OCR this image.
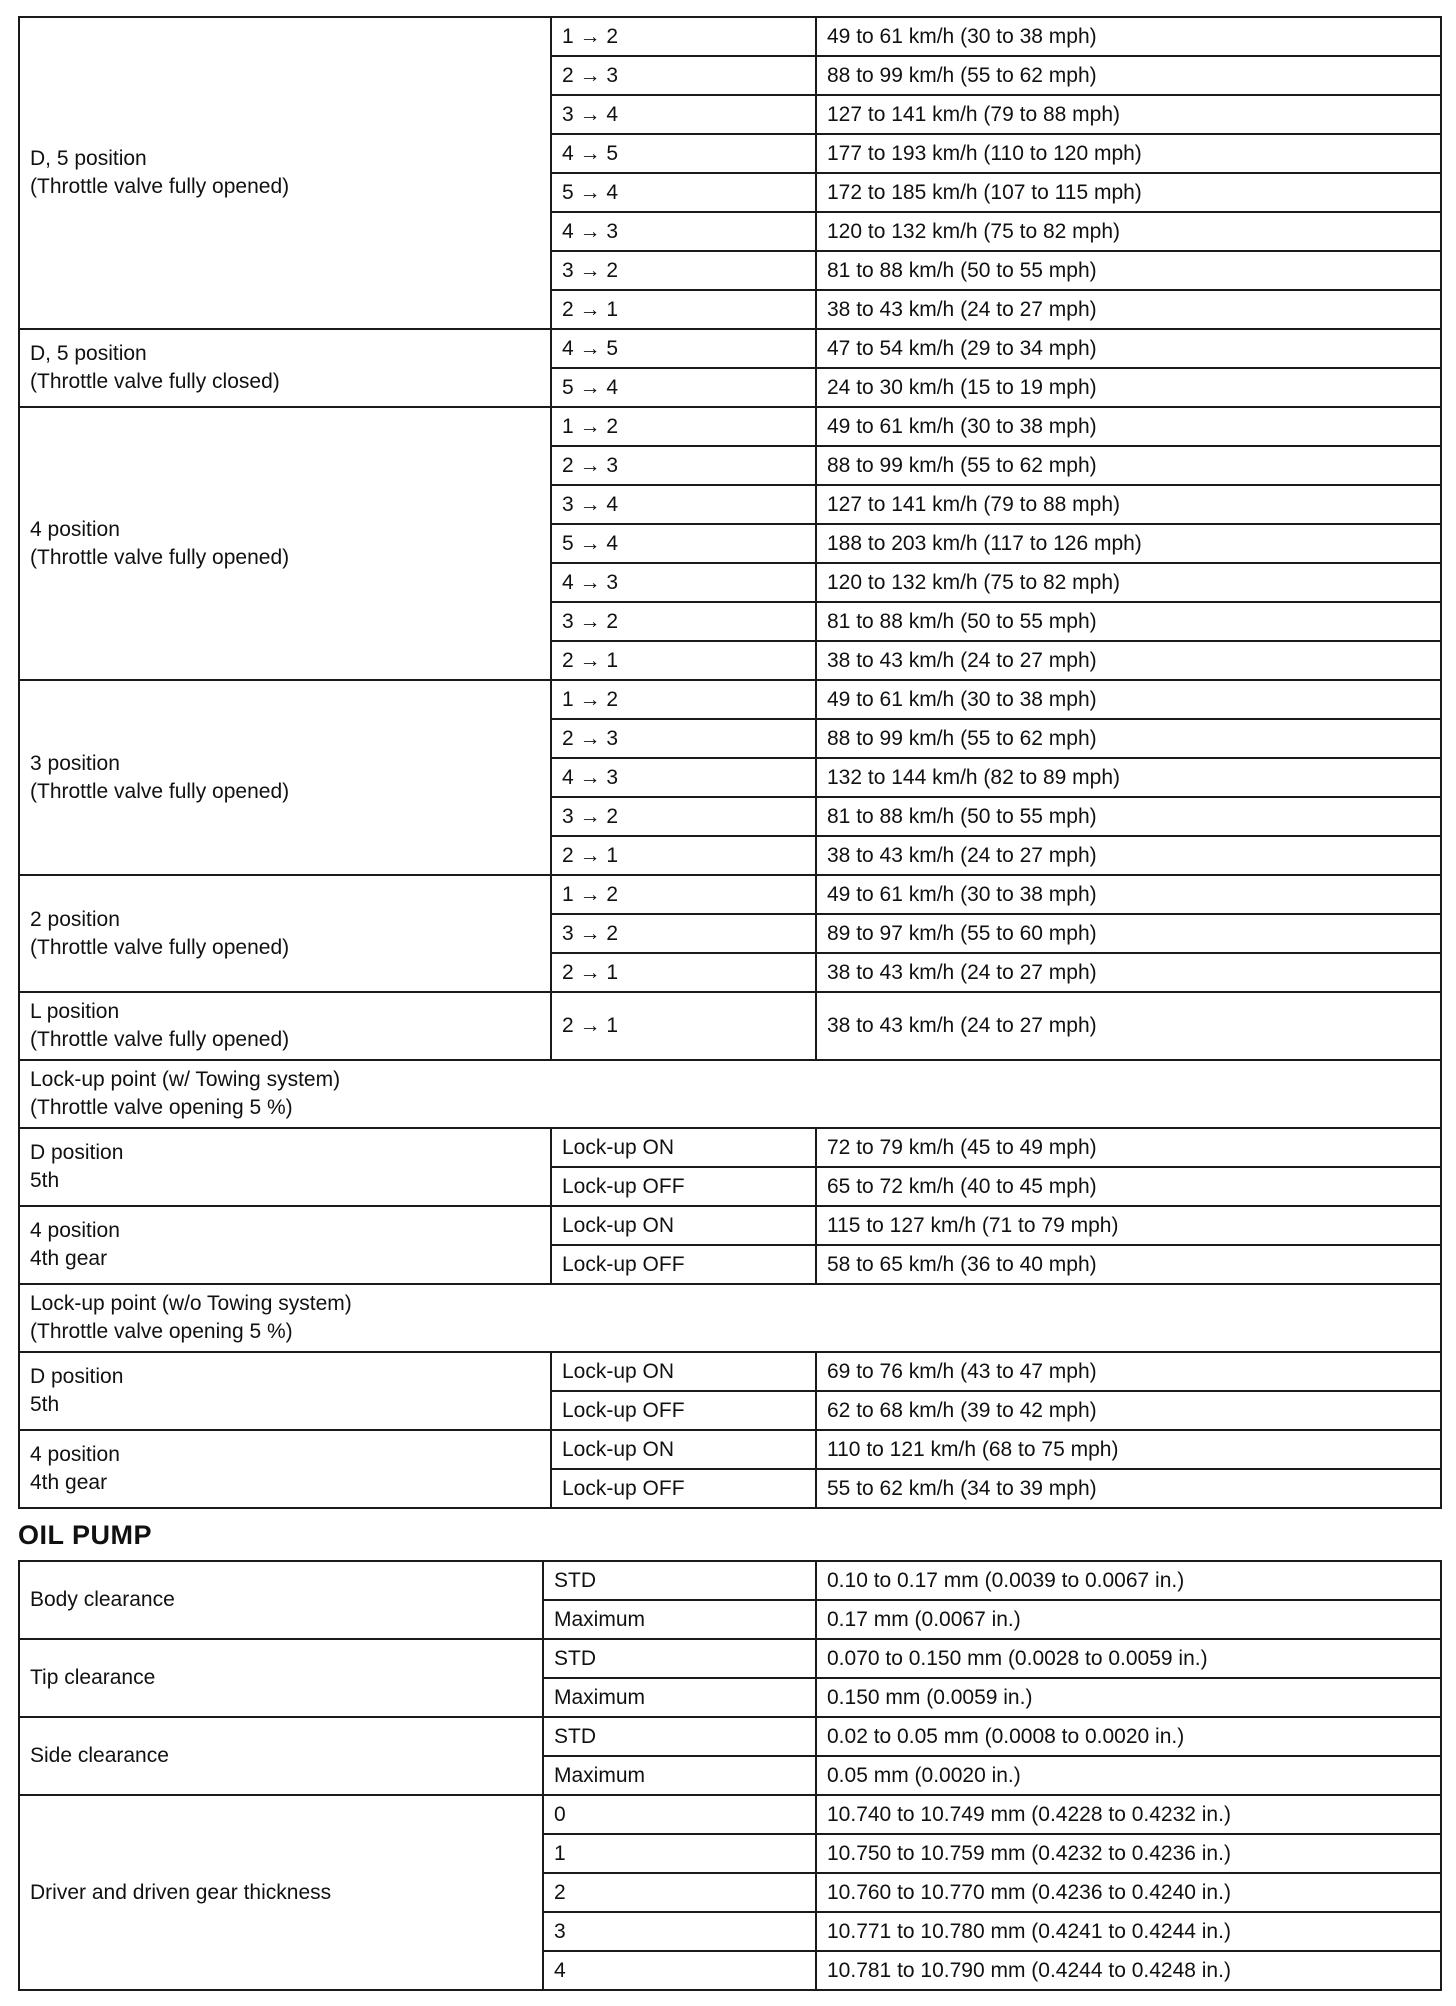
D, 5 position
(Throttle valve fully opened)	1 → 2	49 to 61 km/h (30 to 38 mph)
	2 → 3	88 to 99 km/h (55 to 62 mph)
	3 → 4	127 to 141 km/h (79 to 88 mph)
	4 → 5	177 to 193 km/h (110 to 120 mph)
	5 → 4	172 to 185 km/h (107 to 115 mph)
	4 → 3	120 to 132 km/h (75 to 82 mph)
	3 → 2	81 to 88 km/h (50 to 55 mph)
	2 → 1	38 to 43 km/h (24 to 27 mph)
D, 5 position
(Throttle valve fully closed)	4 → 5	47 to 54 km/h (29 to 34 mph)
	5 → 4	24 to 30 km/h (15 to 19 mph)
4 position
(Throttle valve fully opened)	1 → 2	49 to 61 km/h (30 to 38 mph)
	2 → 3	88 to 99 km/h (55 to 62 mph)
	3 → 4	127 to 141 km/h (79 to 88 mph)
	5 → 4	188 to 203 km/h (117 to 126 mph)
	4 → 3	120 to 132 km/h (75 to 82 mph)
	3 → 2	81 to 88 km/h (50 to 55 mph)
	2 → 1	38 to 43 km/h (24 to 27 mph)
3 position
(Throttle valve fully opened)	1 → 2	49 to 61 km/h (30 to 38 mph)
	2 → 3	88 to 99 km/h (55 to 62 mph)
	4 → 3	132 to 144 km/h (82 to 89 mph)
	3 → 2	81 to 88 km/h (50 to 55 mph)
	2 → 1	38 to 43 km/h (24 to 27 mph)
2 position
(Throttle valve fully opened)	1 → 2	49 to 61 km/h (30 to 38 mph)
	3 → 2	89 to 97 km/h (55 to 60 mph)
	2 → 1	38 to 43 km/h (24 to 27 mph)
L position
(Throttle valve fully opened)	2 → 1	38 to 43 km/h (24 to 27 mph)
Lock-up point (w/ Towing system)
(Throttle valve opening 5 %)		
D position
5th	Lock-up ON	72 to 79 km/h (45 to 49 mph)
	Lock-up OFF	65 to 72 km/h (40 to 45 mph)
4 position
4th gear	Lock-up ON	115 to 127 km/h (71 to 79 mph)
	Lock-up OFF	58 to 65 km/h (36 to 40 mph)
Lock-up point (w/o Towing system)
(Throttle valve opening 5 %)		
D position
5th	Lock-up ON	69 to 76 km/h (43 to 47 mph)
	Lock-up OFF	62 to 68 km/h (39 to 42 mph)
4 position
4th gear	Lock-up ON	110 to 121 km/h (68 to 75 mph)
	Lock-up OFF	55 to 62 km/h (34 to 39 mph)
OIL PUMP
Body clearance	STD	0.10 to 0.17 mm (0.0039 to 0.0067 in.)
	Maximum	0.17 mm (0.0067 in.)
Tip clearance	STD	0.070 to 0.150 mm (0.0028 to 0.0059 in.)
	Maximum	0.150 mm (0.0059 in.)
Side clearance	STD	0.02 to 0.05 mm (0.0008 to 0.0020 in.)
	Maximum	0.05 mm (0.0020 in.)
Driver and driven gear thickness	0	10.740 to 10.749 mm (0.4228 to 0.4232 in.)
	1	10.750 to 10.759 mm (0.4232 to 0.4236 in.)
	2	10.760 to 10.770 mm (0.4236 to 0.4240 in.)
	3	10.771 to 10.780 mm (0.4241 to 0.4244 in.)
	4	10.781 to 10.790 mm (0.4244 to 0.4248 in.)
